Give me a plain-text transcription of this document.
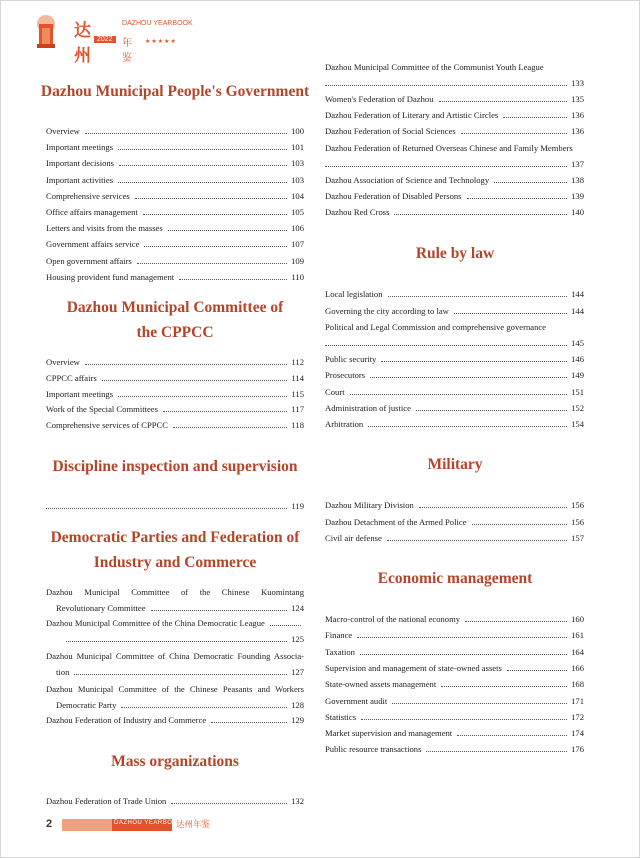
达州
DAZHOU YEARBOOK
2022 年鉴
★★★★★
Dazhou Municipal People's Government
Overview	100
Important meetings	101
Important decisions	103
Important activities	103
Comprehensive services	104
Office affairs management	105
Letters and visits from the masses	106
Government affairs service	107
Open government affairs	109
Housing provident fund management	110
Dazhou Municipal Committee of
the CPPCC
Overview	112
CPPCC affairs	114
Important meetings	115
Work of the Special Committees	117
Comprehensive services of CPPCC	118
Discipline inspection and supervision
119
Democratic Parties and Federation of
Industry and Commerce
Dazhou Municipal Committee of the Chinese Kuomintang
Revolutionary Committee	124
Dazhou Municipal Committee of the China Democratic League
125
Dazhou Municipal Committee of China Democratic Founding Associa-
tion	127
Dazhou Municipal Committee of the Chinese Peasants and Workers
Democratic Party	128
Dazhou Federation of Industry and Commerce	129
Mass organizations
Dazhou Federation of Trade Union	132
Dazhou Municipal Committee of the Communist Youth League
133
Women's Federation of Dazhou	135
Dazhou Federation of Literary and Artistic Circles	136
Dazhou Federation of Social Sciences	136
Dazhou Federation of Returned Overseas Chinese and Family Members
137
Dazhou Association of Science and Technology	138
Dazhou Federation of Disabled Persons	139
Dazhou Red Cross	140
Rule by law
Local legislation	144
Governing the city according to law	144
Political and Legal Commission and comprehensive governance
145
Public security	146
Prosecutors	149
Court	151
Administration of justice	152
Arbitration	154
Military
Dazhou Military Division	156
Dazhou Detachment of the Armed Police	156
Civil air defense	157
Economic management
Macro-control of the national economy	160
Finance	161
Taxation	164
Supervision and management of state-owned assets	166
State-owned assets management	168
Government audit	171
Statistics	172
Market supervision and management	174
Public resource transactions	176
2	DAZHOU YEARBOOK
达州年鉴
